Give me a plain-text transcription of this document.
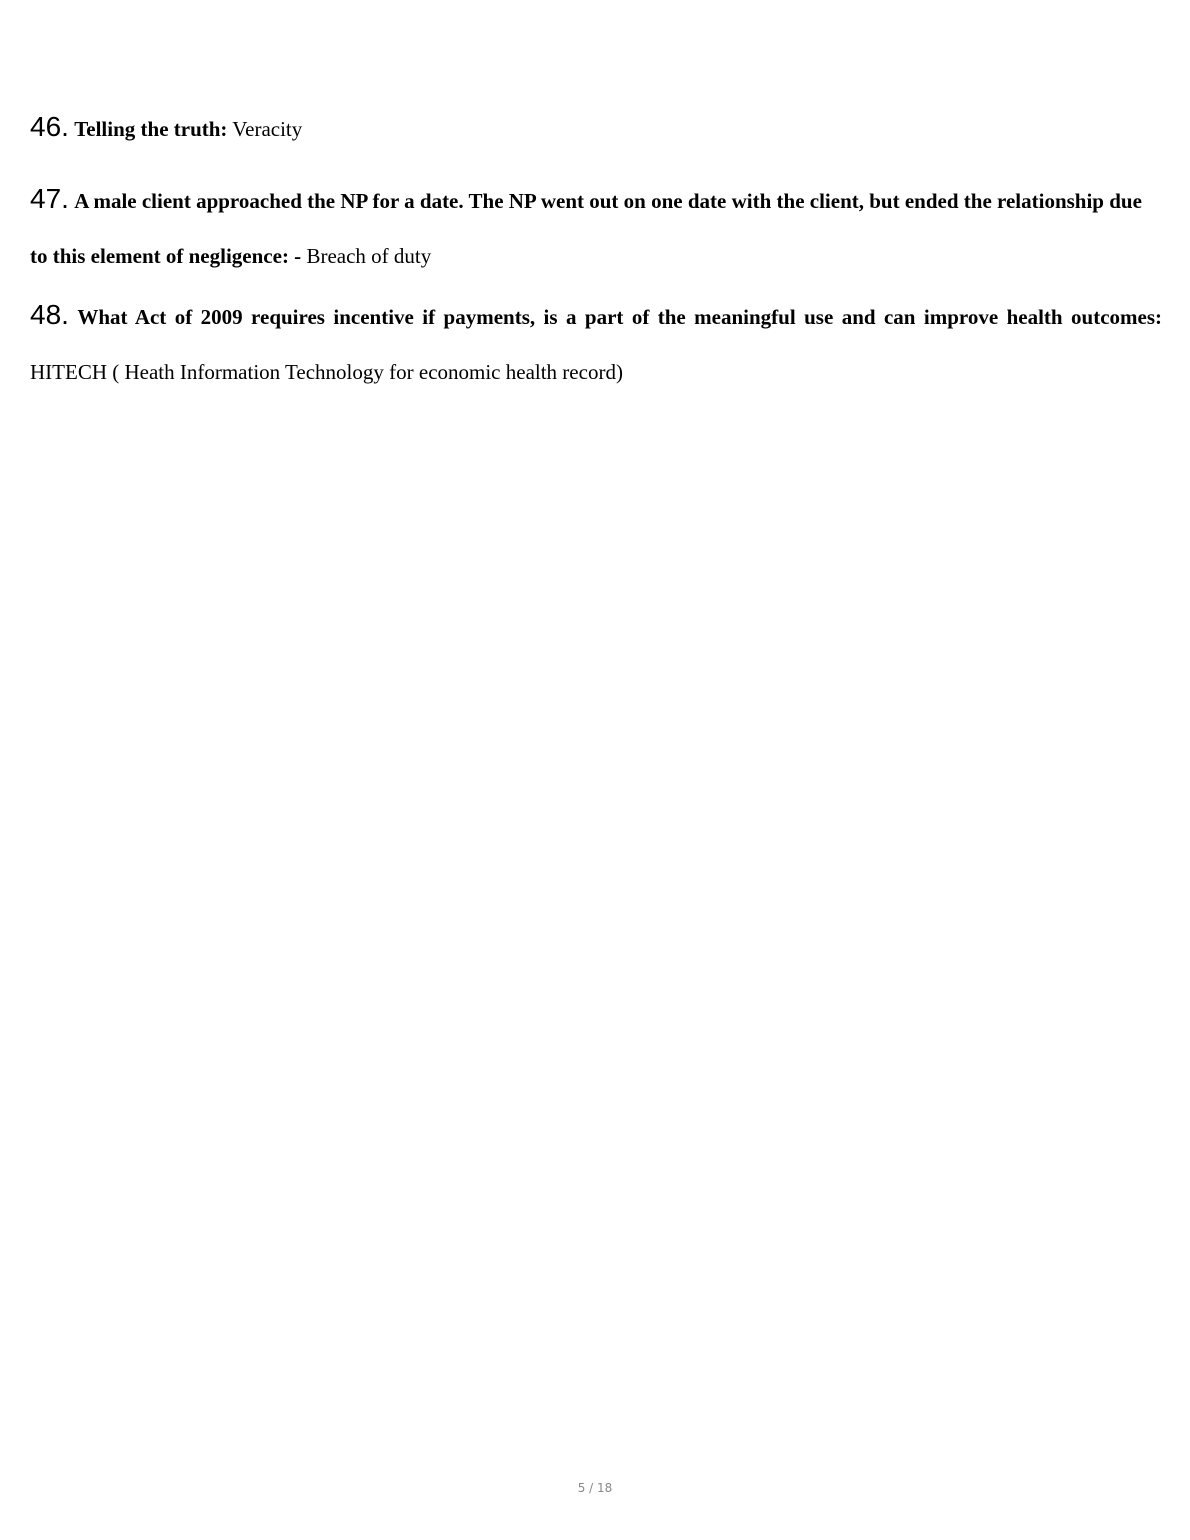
46. Telling the truth: Veracity

47. A male client approached the NP for a date. The NP went out on one date with the client, but ended the relationship due to this element of negligence: - Breach of duty

48. What Act of 2009 requires incentive if payments, is a part of the meaningful use and can improve health outcomes: HITECH ( Heath Information Technology for economic health record)

5 / 18
